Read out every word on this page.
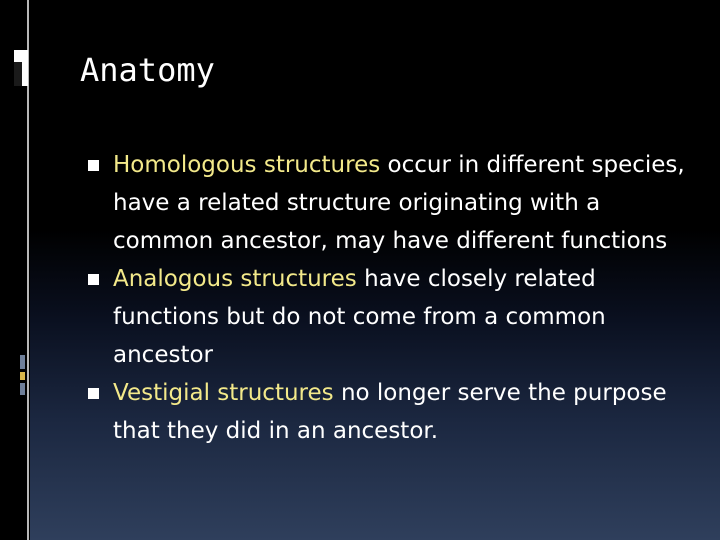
Anatomy
Homologous structures occur in different species, have a related structure originating with a common ancestor, may have different functions
Analogous structures have closely related functions but do not come from a common ancestor
Vestigial structures no longer serve the purpose that they did in an ancestor.
